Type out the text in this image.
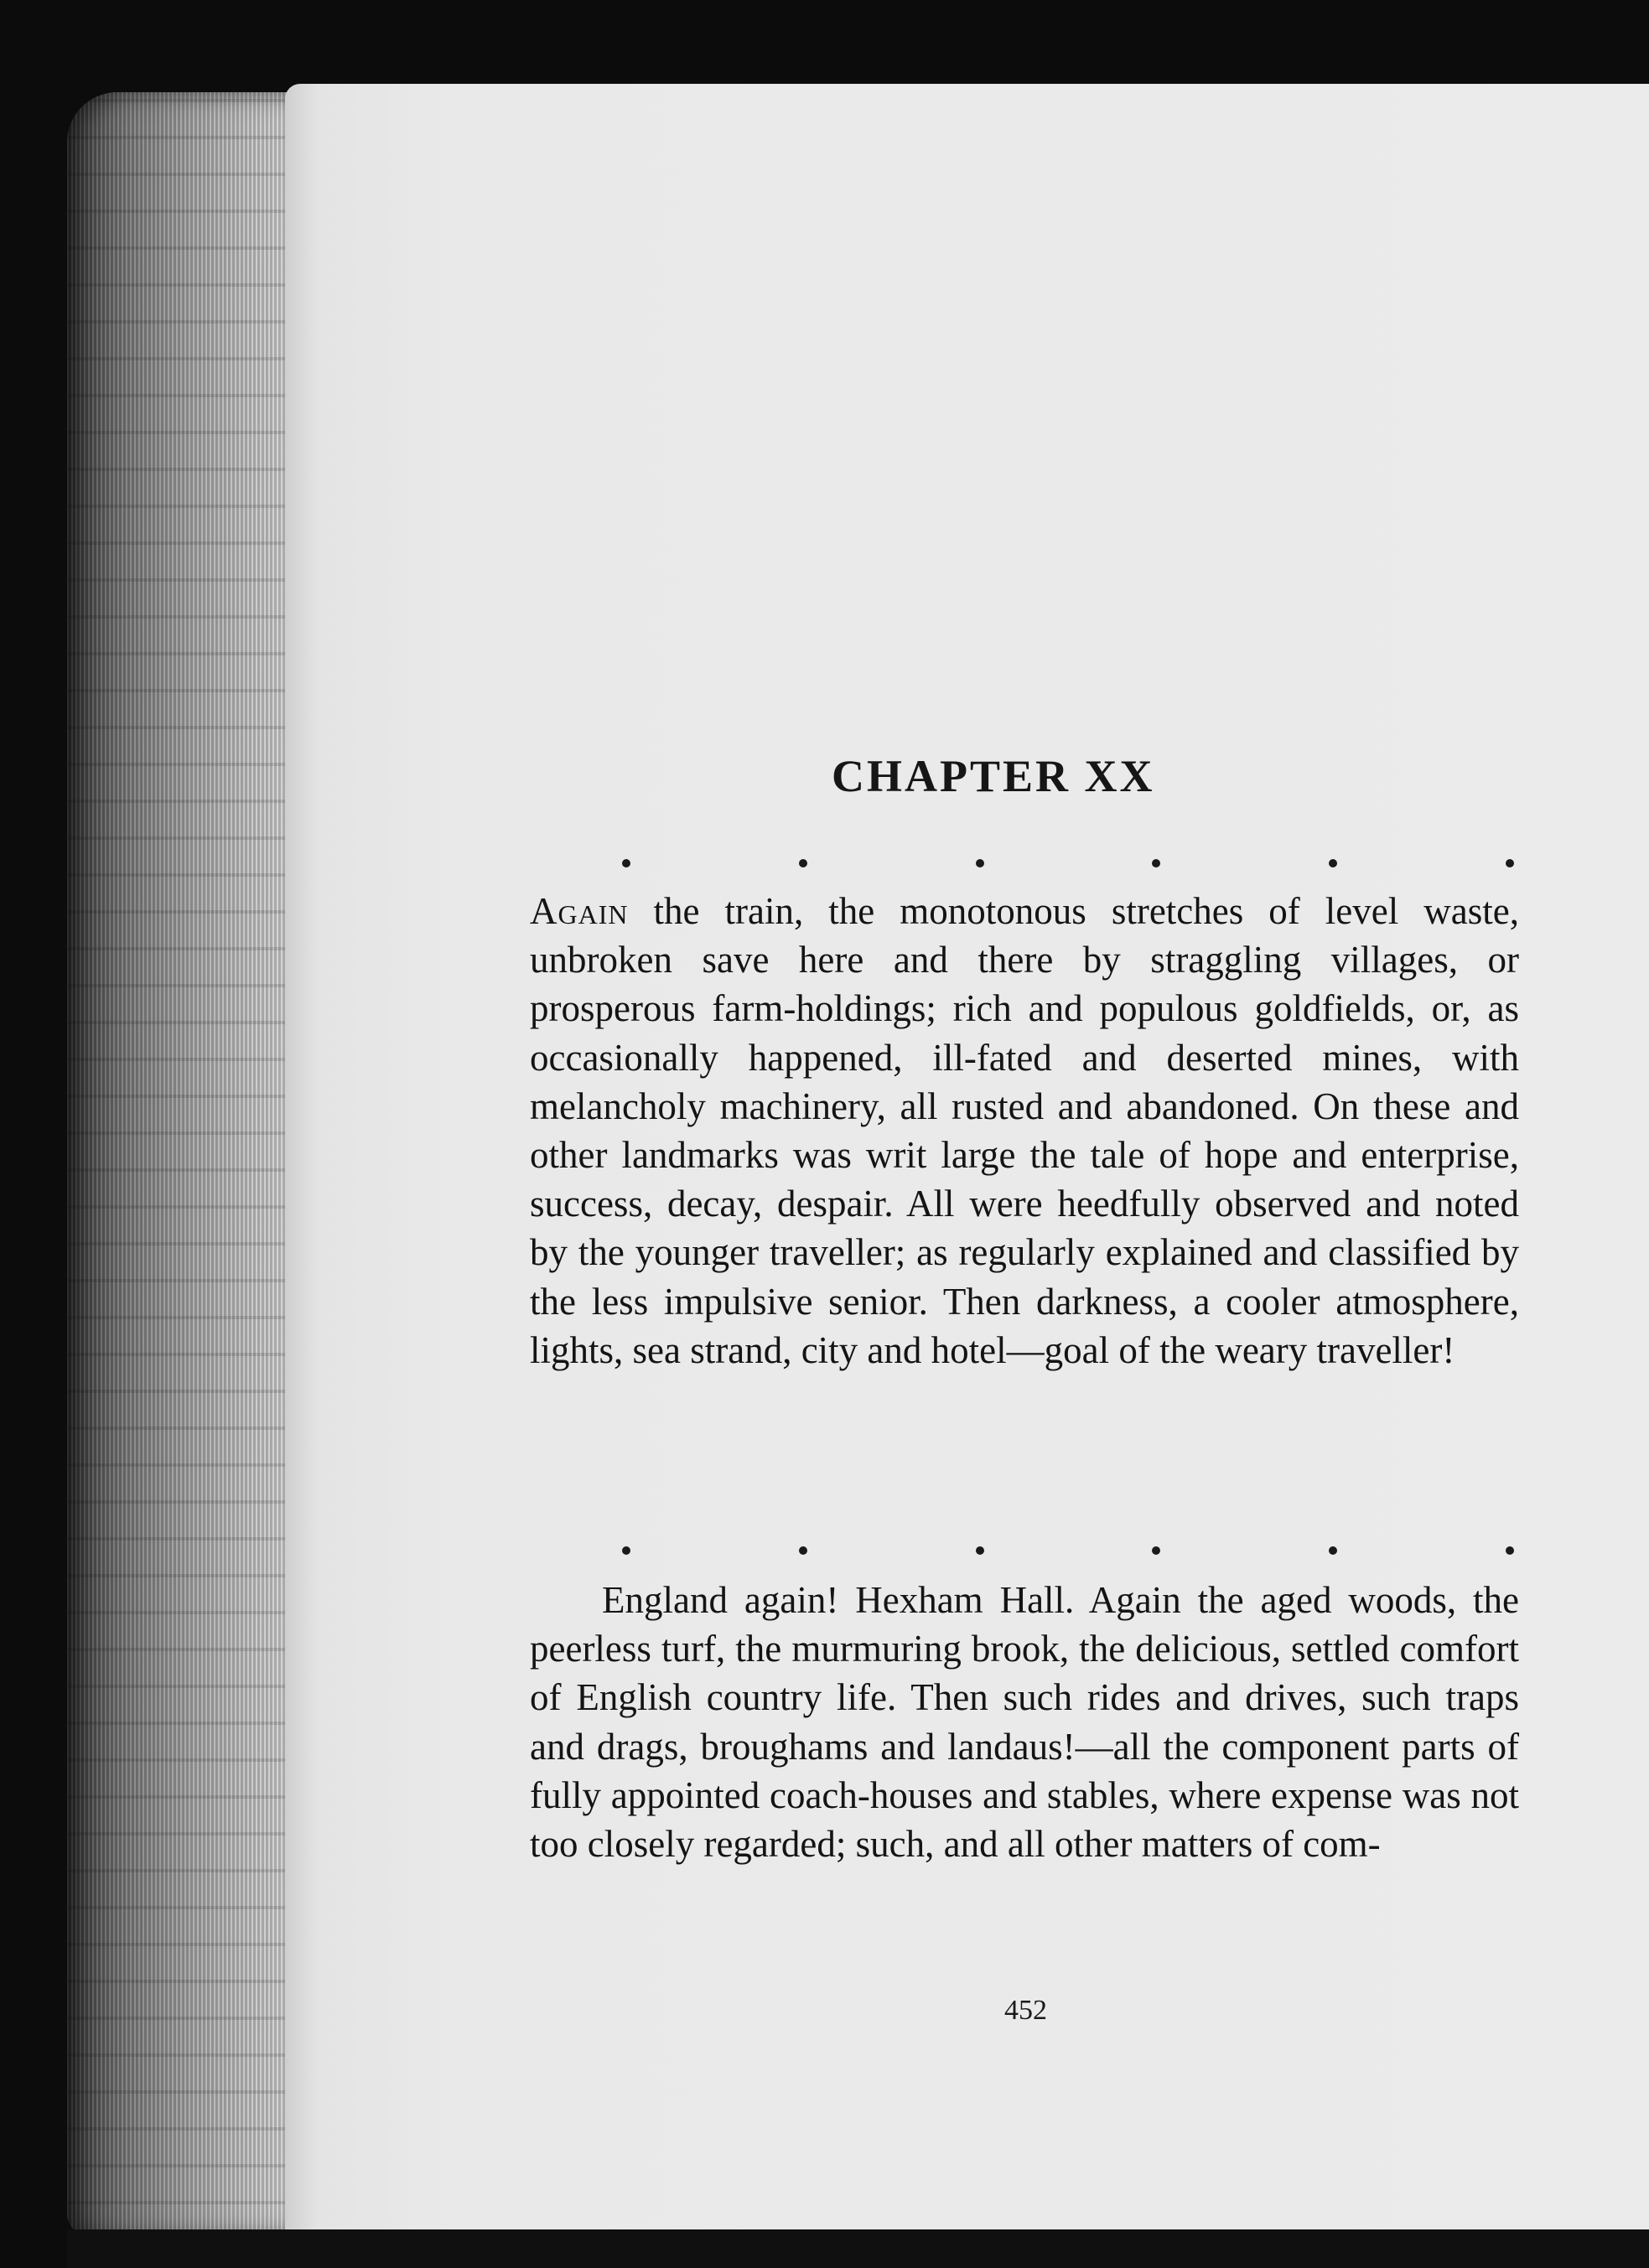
CHAPTER XX

Again the train, the monotonous stretches of level waste, unbroken save here and there by straggling villages, or prosperous farm-holdings; rich and populous goldfields, or, as occasionally happened, ill-fated and deserted mines, with melancholy machinery, all rusted and abandoned. On these and other landmarks was writ large the tale of hope and enterprise, success, decay, despair. All were heedfully observed and noted by the younger traveller; as regularly explained and classified by the less impulsive senior. Then darkness, a cooler atmosphere, lights, sea strand, city and hotel—goal of the weary traveller!

England again! Hexham Hall. Again the aged woods, the peerless turf, the murmuring brook, the delicious, settled comfort of English country life. Then such rides and drives, such traps and drags, broughams and landaus!—all the component parts of fully appointed coach-houses and stables, where expense was not too closely regarded; such, and all other matters of com-

452
